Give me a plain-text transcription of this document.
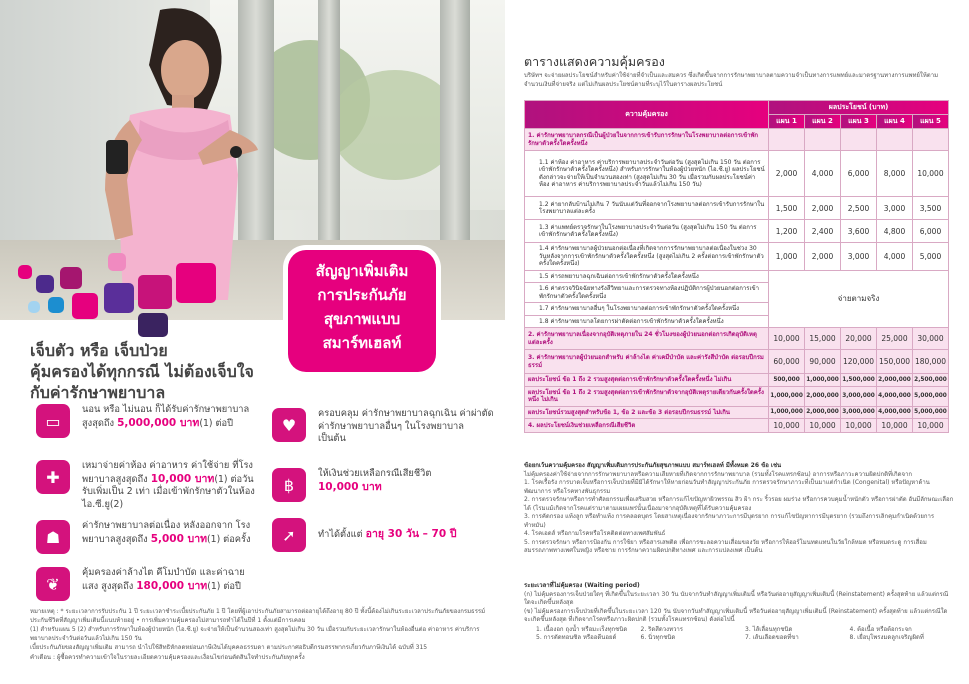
สัญญาเพิ่มเติม
การประกันภัย
สุขภาพแบบ
สมาร์ทเฮลท์
เจ็บตัว หรือ เจ็บป่วย
คุ้มครองได้ทุกกรณี ไม่ต้องเจ็บใจ
กับค่ารักษาพยาบาล
▭
นอน หรือ ไม่นอน ก็ได้รับค่ารักษาพยาบาล สูงสุดถึง 5,000,000 บาท(1) ต่อปี
✚
เหมาจ่ายค่าห้อง ค่าอาหาร ค่าใช้จ่าย ที่โรงพยาบาลสูงสุดถึง 10,000 บาท(1) ต่อวัน รับเพิ่มเป็น 2 เท่า เมื่อเข้าพักรักษาตัวในห้องไอ.ซี.ยู(2)
☗
ค่ารักษาพยาบาลต่อเนื่อง หลังออกจาก โรงพยาบาลสูงสุดถึง 5,000 บาท(1) ต่อครั้ง
❦
คุ้มครองค่าล้างไต คีโมบำบัด และค่าฉายแสง สูงสุดถึง 180,000 บาท(1) ต่อปี
♥
ครอบคลุม ค่ารักษาพยาบาลฉุกเฉิน ค่าผ่าตัด ค่ารักษาพยาบาลอื่นๆ ในโรงพยาบาล เป็นต้น
฿
ให้เงินช่วยเหลือกรณีเสียชีวิต
10,000 บาท
➚	ทำได้ตั้งแต่ อายุ 30 วัน – 70 ปี

หมายเหตุ : * ระยะเวลาการรับประกัน 1 ปี ระยะเวลาชำระเบี้ยประกันภัย 1 ปี โดยที่ผู้เอาประกันภัยสามารถต่ออายุได้ถึงอายุ 80 ปี ทั้งนี้ต้องไม่เกินระยะเวลาประกันภัยของกรมธรรม์ประกันชีวิตที่สัญญาเพิ่มเติมนี้แนบท้ายอยู่ • การเพิ่มความคุ้มครองไม่สามารถทำได้ในปีที่ 1 ตั้งแต่มีการเคลม

(1) สำหรับแผน 5 (2) สำหรับการรักษาในห้องผู้ป่วยหนัก (ไอ.ซี.ยู) จะจ่ายให้เป็นจำนวนสองเท่า สูงสุดไม่เกิน 30 วัน เมื่อรวมกับระยะเวลารักษาในห้องอื่นต่อ ค่าอาหาร ค่าบริการพยาบาลประจำวันต่อวันแล้วไม่เกิน 150 วัน

เบี้ยประกันภัยของสัญญาเพิ่มเติม สามารถ นำไปใช้สิทธิหักลดหย่อนภาษีเงินได้บุคคลธรรมดา ตามประกาศอธิบดีกรมสรรพากรเกี่ยวกับภาษีเงินได้ ฉบับที่ 315

คำเตือน : ผู้ซื้อควรทำความเข้าใจในรายละเอียดความคุ้มครองและเงื่อนไขก่อนตัดสินใจทำประกันภัยทุกครั้ง

ตารางแสดงความคุ้มครอง
บริษัทฯ จะจ่ายผลประโยชน์สำหรับค่าใช้จ่ายที่จำเป็นและสมควร ซึ่งเกิดขึ้นจากการรักษาพยาบาลตามความจำเป็นทางการแพทย์และมาตรฐานทางการแพทย์ให้ตามจำนวนเงินที่จ่ายจริง แต่ไม่เกินผลประโยชน์ตามที่ระบุไว้ในตารางผลประโยชน์
ความคุ้มครอง	ผลประโยชน์ (บาท)				
	แผน 1	แผน 2	แผน 3	แผน 4	แผน 5
1. ค่ารักษาพยาบาลกรณีเป็นผู้ป่วยในจากการเข้ารับการรักษาในโรงพยาบาลต่อการเข้าพักรักษาตัวครั้งใดครั้งหนึ่ง					
1.1 ค่าห้อง ค่าอาหาร ค่าบริการพยาบาลประจำวันต่อวัน (สูงสุดไม่เกิน 150 วัน ต่อการเข้าพักรักษาตัวครั้งใดครั้งหนึ่ง) สำหรับการรักษาในห้องผู้ป่วยหนัก (ไอ.ซี.ยู) ผลประโยชน์ดังกล่าวจะจ่ายให้เป็นจำนวนสองเท่า (สูงสุดไม่เกิน 30 วัน เมื่อรวมกับผลประโยชน์ค่าห้อง ค่าอาหาร ค่าบริการพยาบาลประจำวันแล้วไม่เกิน 150 วัน)	2,000	4,000	6,000	8,000	10,000
1.2 ค่ายากลับบ้านไม่เกิน 7 วันนับแต่วันที่ออกจากโรงพยาบาลต่อการเข้ารับการรักษาในโรงพยาบาลแต่ละครั้ง	1,500	2,000	2,500	3,000	3,500
1.3 ค่าแพทย์ตรวจรักษาในโรงพยาบาลประจำวันต่อวัน (สูงสุดไม่เกิน 150 วัน ต่อการเข้าพักรักษาตัวครั้งใดครั้งหนึ่ง)	1,200	2,400	3,600	4,800	6,000
1.4 ค่ารักษาพยาบาลผู้ป่วยนอกต่อเนื่องที่เกิดจากการรักษาพยาบาลต่อเนื่องในช่วง 30 วันหลังจากการเข้าพักรักษาตัวครั้งใดครั้งหนึ่ง (สูงสุดไม่เกิน 2 ครั้งต่อการเข้าพักรักษาตัวครั้งใดครั้งหนึ่ง)	1,000	2,000	3,000	4,000	5,000
1.5 ค่ารถพยาบาลฉุกเฉินต่อการเข้าพักรักษาตัวครั้งใดครั้งหนึ่ง	จ่ายตามจริง				
1.6 ค่าตรวจวินิจฉัยทางรังสีวิทยาและการตรวจทางห้องปฏิบัติการผู้ป่วยนอกต่อการเข้าพักรักษาตัวครั้งใดครั้งหนึ่ง					
1.7 ค่ารักษาพยาบาลอื่นๆ ในโรงพยาบาลต่อการเข้าพักรักษาตัวครั้งใดครั้งหนึ่ง					
1.8 ค่ารักษาพยาบาลโดยการผ่าตัดต่อการเข้าพักรักษาตัวครั้งใดครั้งหนึ่ง					
2. ค่ารักษาพยาบาลเนื่องจากอุบัติเหตุภายใน 24 ชั่วโมงของผู้ป่วยนอกต่อการเกิดอุบัติเหตุแต่ละครั้ง	10,000	15,000	20,000	25,000	30,000
3. ค่ารักษาพยาบาลผู้ป่วยนอกสำหรับ ค่าล้างไต ค่าเคมีบำบัด และค่ารังสีบำบัด ต่อรอบปีกรมธรรม์	60,000	90,000	120,000	150,000	180,000
ผลประโยชน์ ข้อ 1 ถึง 2 รวมสูงสุดต่อการเข้าพักรักษาตัวครั้งใดครั้งหนึ่ง ไม่เกิน	500,000	1,000,000	1,500,000	2,000,000	2,500,000
ผลประโยชน์ ข้อ 1 ถึง 2 รวมสูงสุดต่อการเข้าพักรักษาตัวจากอุบัติเหตุรายเดียวกันครั้งใดครั้งหนึ่ง ไม่เกิน	1,000,000	2,000,000	3,000,000	4,000,000	5,000,000
ผลประโยชน์รวมสูงสุดสำหรับข้อ 1, ข้อ 2 และข้อ 3 ต่อรอบปีกรมธรรม์ ไม่เกิน	1,000,000	2,000,000	3,000,000	4,000,000	5,000,000
4. ผลประโยชน์เงินช่วยเหลือกรณีเสียชีวิต	10,000	10,000	10,000	10,000	10,000
ข้อยกเว้นความคุ้มครอง สัญญาเพิ่มเติมการประกันภัยสุขภาพแบบ สมาร์ทเฮลท์ มีทั้งหมด 26 ข้อ เช่น
ไม่คุ้มครองค่าใช้จ่ายจากการรักษาพยาบาลหรือความเสียหายที่เกิดจากการรักษาพยาบาล (รวมทั้งโรคแทรกซ้อน) อาการหรือภาวะความผิดปกติที่เกิดจาก
1. โรคเรื้อรัง การบาดเจ็บหรือการเจ็บป่วยที่มีมิได้รักษาให้หายก่อนวันทำสัญญาประกันภัย การตรวจรักษาภาวะที่เป็นมาแต่กำเนิด (Congenital) หรือปัญหาด้านพัฒนาการ หรือโรคทางพันธุกรรม
2. การตรวจรักษาหรือการทำศัลยกรรมเพื่อเสริมสวย หรือการแก้ไขปัญหาผิวพรรณ สิว ฝ้า กระ ริ้วรอย ผมร่วง หรือการควบคุมน้ำหนักตัว หรือการผ่าตัด อันมีลักษณะเลือกได้ (โรมแม้เกิดจากโรคแต่รามาตามเผยแพร่นั้นเนื่องมาจากอุบัติเหตุที่ได้รับความคุ้มครอง
3. การคัดกรอง แท้งลูก หรือทำแท้ง การคลอดบุตร โดยสาเหตุเนื่องจากรักษาภาวะการมีบุตรยาก การแก้ไขปัญหาการมีบุตรยาก (รวมถึงการเลิกคุมกำเนิดด้วยการทำหมัน)
4. โรคเอดส์ หรือกามโรคหรือโรคติดต่อทางเพศสัมพันธ์
5. การตรวจรักษา หรือการป้องกัน การใช้ยา หรือสารเสพติด เพื่อการชะลอความเสื่อมของวัย หรือการให้ฮอร์โมนทดแทนในวัยใกล้หมด หรือหมดระดู การเสื่อมสมรรถภาพทางเพศในหญิง หรือชาย การรักษาความผิดปกติทางเพศ และการแปลงเพศ เป็นต้น
ระยะเวลาที่ไม่คุ้มครอง (Waiting period)
(ก) ไม่คุ้มครองการเจ็บป่วยใดๆ ที่เกิดขึ้นในระยะเวลา 30 วัน นับจากวันทำสัญญาเพิ่มเติมนี้ หรือวันต่ออายุสัญญาเพิ่มเติมนี้ (Reinstatement) ครั้งสุดท้าย แล้วแต่กรณีใดจะเกิดขึ้นหลังสุด
(ข) ไม่คุ้มครองการเจ็บป่วยที่เกิดขึ้นในระยะเวลา 120 วัน นับจากวันทำสัญญาเพิ่มเติมนี้ หรือวันต่ออายุสัญญาเพิ่มเติมนี้ (Reinstatement) ครั้งสุดท้าย แล้วแต่กรณีใดจะเกิดขึ้นหลังสุด ที่เกิดจากโรคหรือภาวะผิดปกติ (รวมทั้งโรคแทรกซ้อน) ดังต่อไปนี้
1. เนื้องอก ถุงน้ำ หรือมะเร็งทุกชนิด	2. ริดสีดวงทวาร	3. ไส้เลื่อนทุกชนิด	4. ต้อเนื้อ หรือต้อกระจก
5. การตัดทอนซิล หรืออดีนอยด์	6. นิ่วทุกชนิด	7. เส้นเลือดขอดที่ขา	8. เยื่อบุโพรงมดลูกเจริญผิดที่
